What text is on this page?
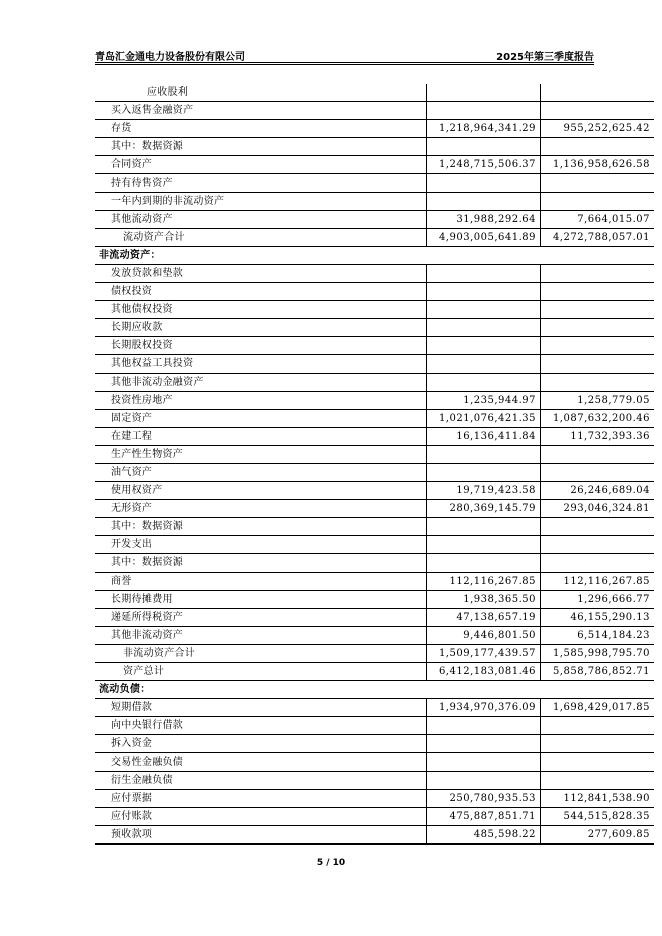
青岛汇金通电力设备股份有限公司	2025年第三季度报告
应收股利		
买入返售金融资产		
存货	1,218,964,341.29	955,252,625.42
其中：数据资源		
合同资产	1,248,715,506.37	1,136,958,626.58
持有待售资产		
一年内到期的非流动资产		
其他流动资产	31,988,292.64	7,664,015.07
流动资产合计	4,903,005,641.89	4,272,788,057.01
非流动资产：		
发放贷款和垫款		
债权投资		
其他债权投资		
长期应收款		
长期股权投资		
其他权益工具投资		
其他非流动金融资产		
投资性房地产	1,235,944.97	1,258,779.05
固定资产	1,021,076,421.35	1,087,632,200.46
在建工程	16,136,411.84	11,732,393.36
生产性生物资产		
油气资产		
使用权资产	19,719,423.58	26,246,689.04
无形资产	280,369,145.79	293,046,324.81
其中：数据资源		
开发支出		
其中：数据资源		
商誉	112,116,267.85	112,116,267.85
长期待摊费用	1,938,365.50	1,296,666.77
递延所得税资产	47,138,657.19	46,155,290.13
其他非流动资产	9,446,801.50	6,514,184.23
非流动资产合计	1,509,177,439.57	1,585,998,795.70
资产总计	6,412,183,081.46	5,858,786,852.71
流动负债：		
短期借款	1,934,970,376.09	1,698,429,017.85
向中央银行借款		
拆入资金		
交易性金融负债		
衍生金融负债		
应付票据	250,780,935.53	112,841,538.90
应付账款	475,887,851.71	544,515,828.35
预收款项	485,598.22	277,609.85
5 / 10
